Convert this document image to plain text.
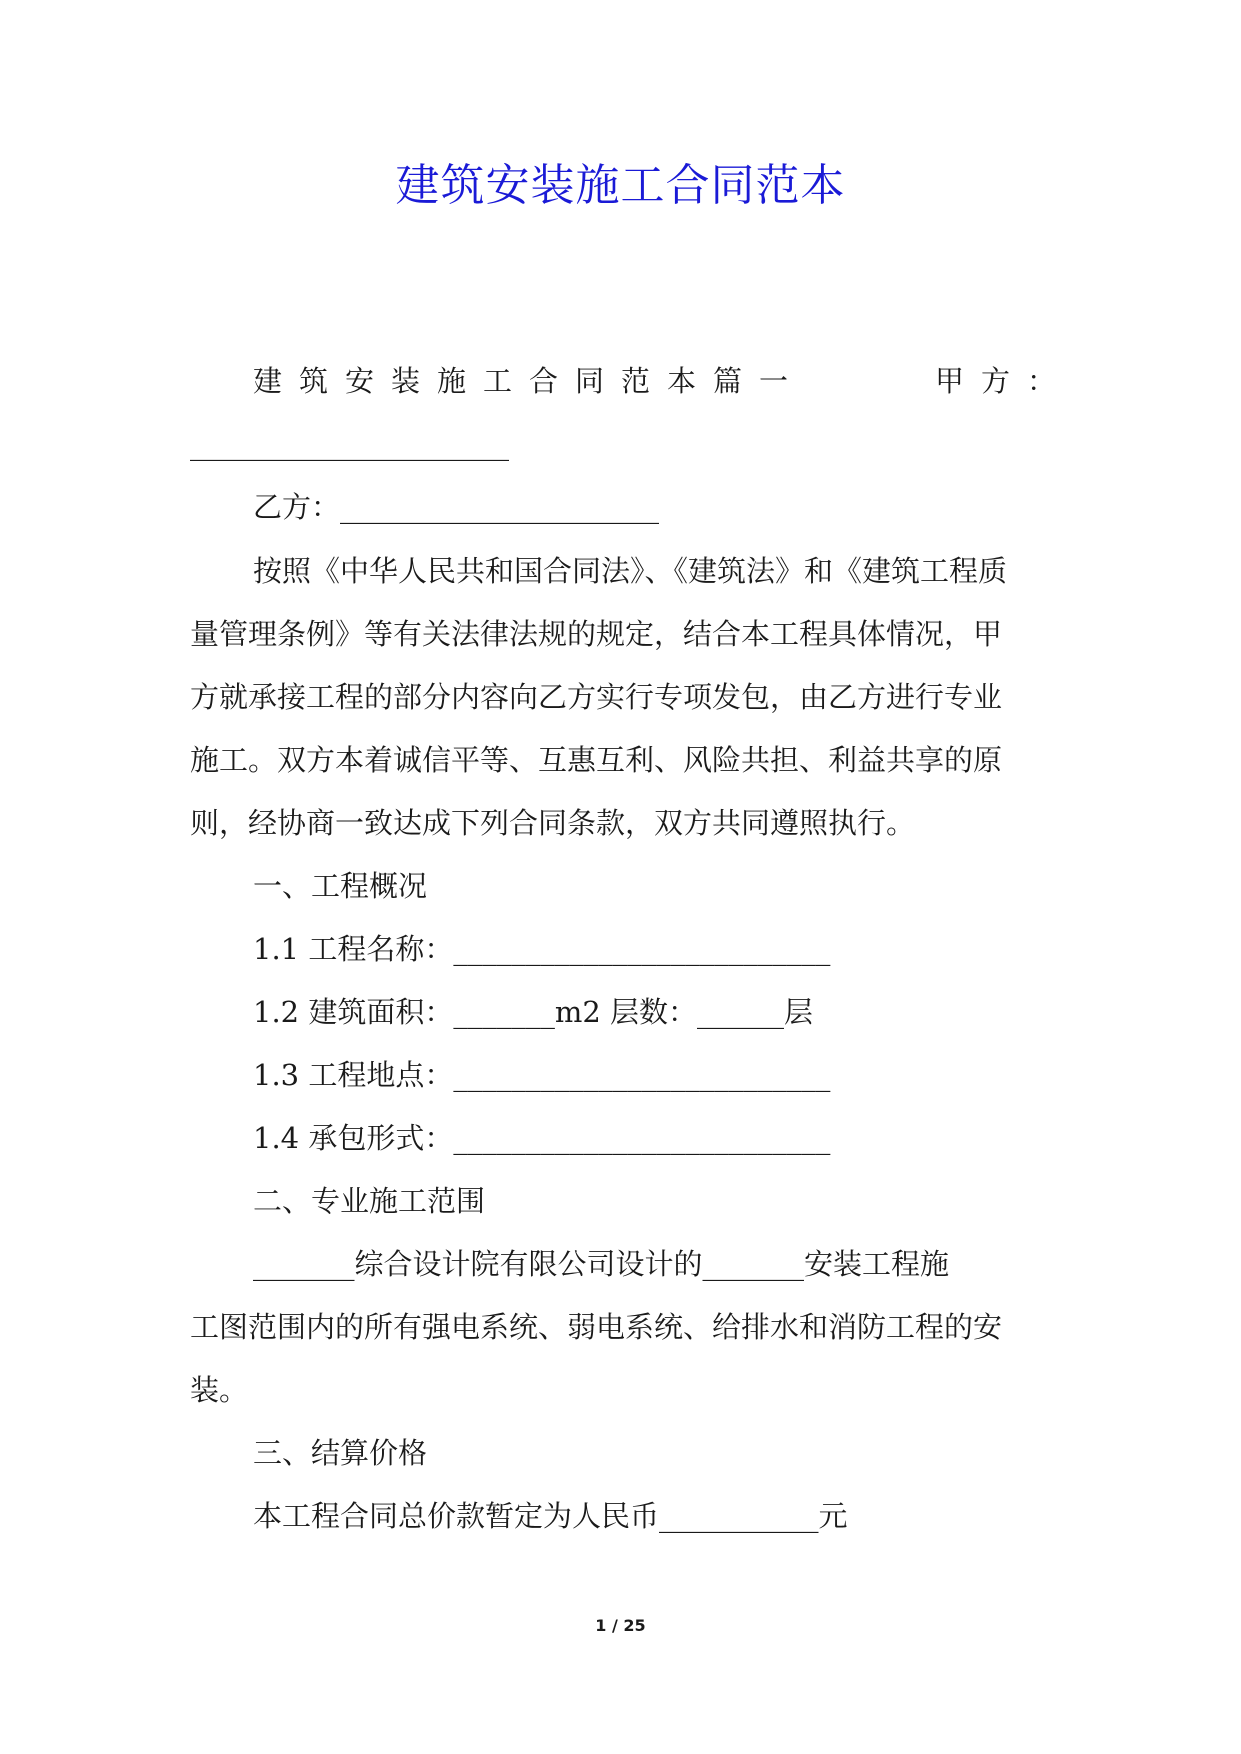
建筑安装施工合同范本
建筑安装施工合同范本篇一	甲方：
______________________
乙方：______________________
按照《中华人民共和国合同法》、《建筑法》和《建筑工程质
量管理条例》等有关法律法规的规定，结合本工程具体情况，甲
方就承接工程的部分内容向乙方实行专项发包，由乙方进行专业
施工。双方本着诚信平等、互惠互利、风险共担、利益共享的原
则，经协商一致达成下列合同条款，双方共同遵照执行。
一、工程概况
1.1 工程名称：__________________________
1.2 建筑面积：_______m2 层数：______层
1.3 工程地点：__________________________
1.4 承包形式：__________________________
二、专业施工范围
_______综合设计院有限公司设计的_______安装工程施
工图范围内的所有强电系统、弱电系统、给排水和消防工程的安
装。
三、结算价格
本工程合同总价款暂定为人民币___________元
1 / 25
